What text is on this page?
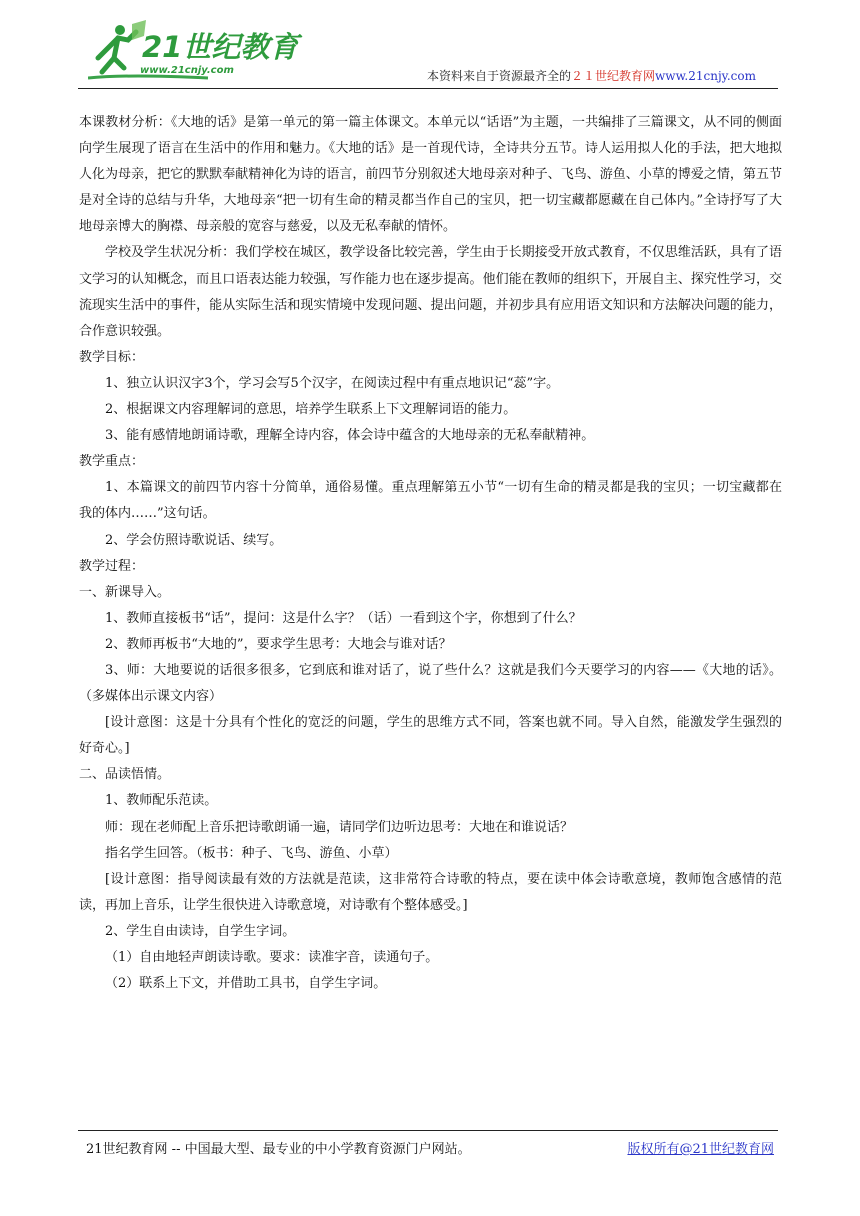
21世纪教育
www.21cnjy.com	本资料来自于资源最齐全的２１世纪教育网www.21cnjy.com

本课教材分析：《大地的话》是第一单元的第一篇主体课文。本单元以“话语”为主题，一共编排了三篇课文，从不同的侧面向学生展现了语言在生活中的作用和魅力。《大地的话》是一首现代诗，全诗共分五节。诗人运用拟人化的手法，把大地拟人化为母亲，把它的默默奉献精神化为诗的语言，前四节分别叙述大地母亲对种子、飞鸟、游鱼、小草的博爱之情，第五节是对全诗的总结与升华，大地母亲“把一切有生命的精灵都当作自己的宝贝，把一切宝藏都愿藏在自己体内。”全诗抒写了大地母亲博大的胸襟、母亲般的宽容与慈爱，以及无私奉献的情怀。

学校及学生状况分析：我们学校在城区，教学设备比较完善，学生由于长期接受开放式教育，不仅思维活跃，具有了语文学习的认知概念，而且口语表达能力较强，写作能力也在逐步提高。他们能在教师的组织下，开展自主、探究性学习，交流现实生活中的事件，能从实际生活和现实情境中发现问题、提出问题，并初步具有应用语文知识和方法解决问题的能力，合作意识较强。

教学目标：

1、独立认识汉字3个，学习会写5个汉字，在阅读过程中有重点地识记“蕊”字。

2、根据课文内容理解词的意思，培养学生联系上下文理解词语的能力。

3、能有感情地朗诵诗歌，理解全诗内容，体会诗中蕴含的大地母亲的无私奉献精神。

教学重点：

1、本篇课文的前四节内容十分简单，通俗易懂。重点理解第五小节“一切有生命的精灵都是我的宝贝；一切宝藏都在我的体内……”这句话。

2、学会仿照诗歌说话、续写。

教学过程：

一、新课导入。

1、教师直接板书“话”，提问：这是什么字？（话）一看到这个字，你想到了什么？

2、教师再板书“大地的”，要求学生思考：大地会与谁对话？

3、师：大地要说的话很多很多，它到底和谁对话了，说了些什么？这就是我们今天要学习的内容——《大地的话》。（多媒体出示课文内容）

[设计意图：这是十分具有个性化的宽泛的问题，学生的思维方式不同，答案也就不同。导入自然，能激发学生强烈的好奇心。]

二、品读悟情。

1、教师配乐范读。

师：现在老师配上音乐把诗歌朗诵一遍，请同学们边听边思考：大地在和谁说话？

指名学生回答。（板书：种子、飞鸟、游鱼、小草）

[设计意图：指导阅读最有效的方法就是范读，这非常符合诗歌的特点，要在读中体会诗歌意境，教师饱含感情的范读，再加上音乐，让学生很快进入诗歌意境，对诗歌有个整体感受。]

2、学生自由读诗，自学生字词。

（1）自由地轻声朗读诗歌。要求：读准字音，读通句子。

（2）联系上下文，并借助工具书，自学生字词。

21世纪教育网 -- 中国最大型、最专业的中小学教育资源门户网站。	版权所有@21世纪教育网
